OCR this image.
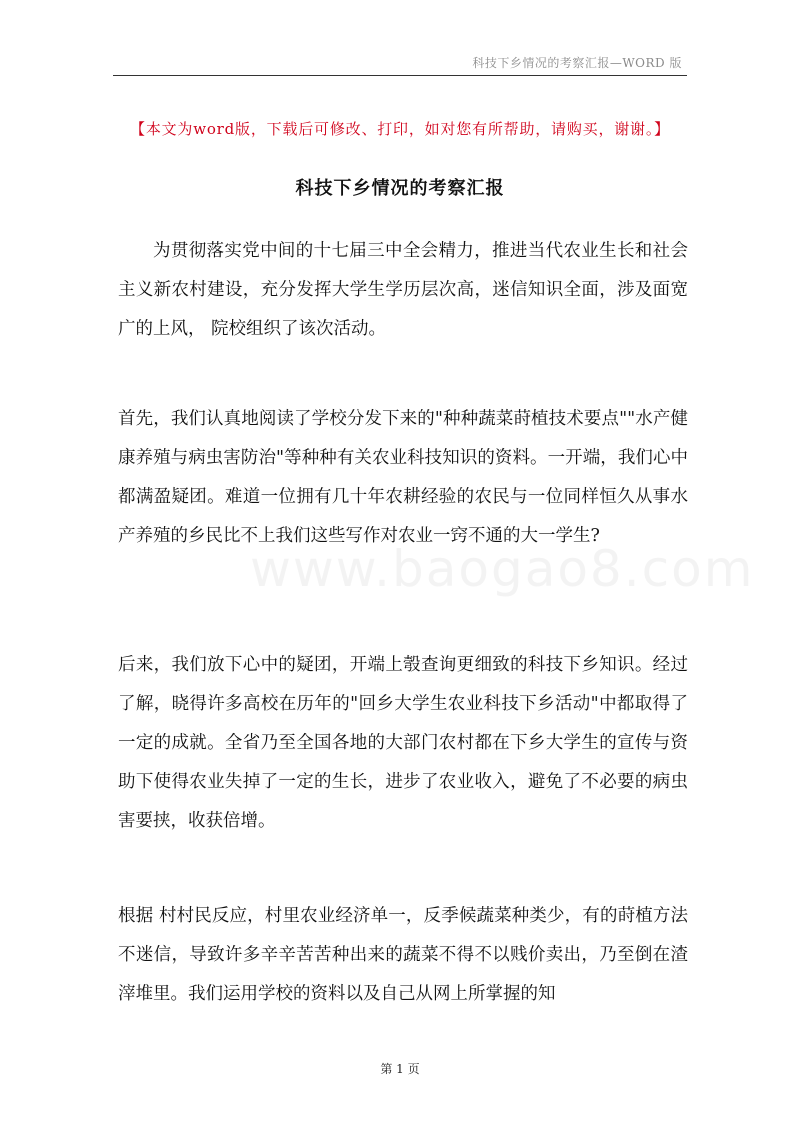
科技下乡情况的考察汇报—WORD 版
【本文为word版，下载后可修改、打印，如对您有所帮助，请购买，谢谢。】
科技下乡情况的考察汇报

为贯彻落实党中间的十七届三中全会精力，推进当代农业生长和社会主义新农村建设，充分发挥大学生学历层次高，迷信知识全面，涉及面宽广的上风， 院校组织了该次活动。

首先，我们认真地阅读了学校分发下来的"种种蔬菜莳植技术要点""水产健康养殖与病虫害防治"等种种有关农业科技知识的资料。一开端，我们心中都满盈疑团。难道一位拥有几十年农耕经验的农民与一位同样恒久从事水产养殖的乡民比不上我们这些写作对农业一窍不通的大一学生?

后来，我们放下心中的疑团，开端上彀查询更细致的科技下乡知识。经过了解，晓得许多高校在历年的"回乡大学生农业科技下乡活动"中都取得了一定的成就。全省乃至全国各地的大部门农村都在下乡大学生的宣传与资助下使得农业失掉了一定的生长，进步了农业收入，避免了不必要的病虫害要挟，收获倍增。

根据 村村民反应，村里农业经济单一，反季候蔬菜种类少，有的莳植方法不迷信，导致许多辛辛苦苦种出来的蔬菜不得不以贱价卖出，乃至倒在渣滓堆里。我们运用学校的资料以及自己从网上所掌握的知

www.baogao8.com
第 1 页
